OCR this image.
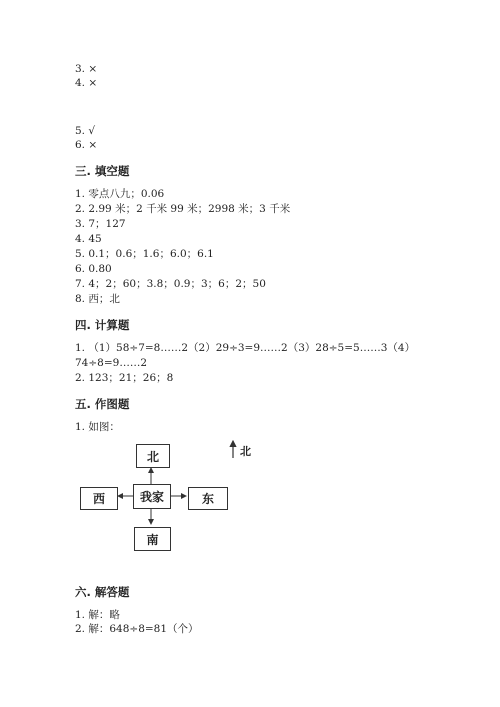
3. ×
4. ×
5. √
6. ×
三. 填空题
1. 零点八九；0.06
2. 2.99 米；2 千米 99 米；2998 米；3 千米
3. 7；127
4. 45
5. 0.1；0.6；1.6；6.0；6.1
6. 0.80
7. 4；2；60；3.8；0.9；3；6；2；50
8. 西；北
四. 计算题
1. （1）58÷7=8……2（2）29÷3=9……2（3）28÷5=5……3（4）
74÷8=9……2
2. 123；21；26；8
五. 作图题
1. 如图：
北
我家
西	东
南
北
六. 解答题
1. 解：略
2. 解：648÷8=81（个）
